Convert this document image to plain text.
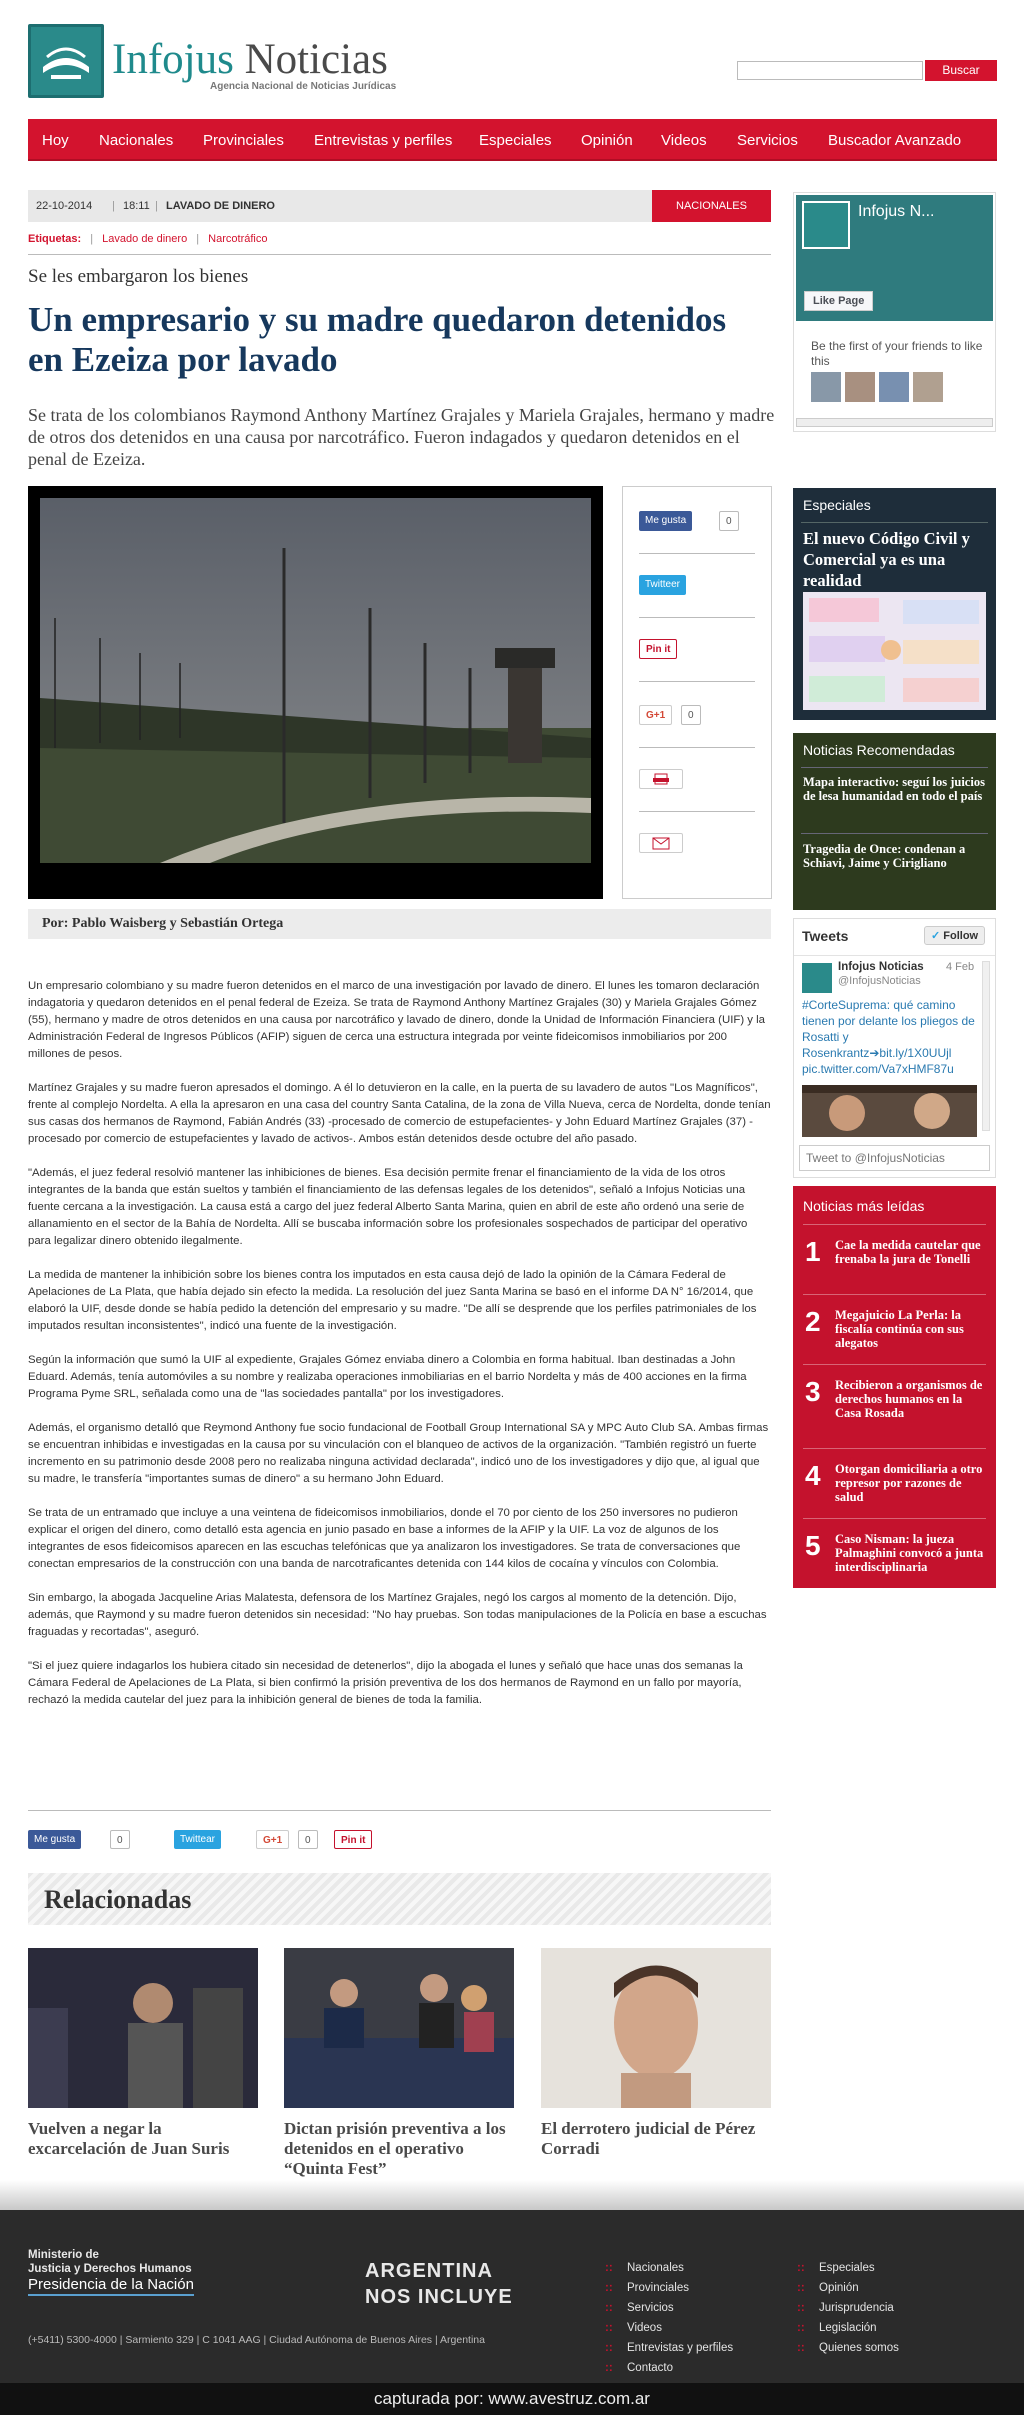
Infojus Noticias
Agencia Nacional de Noticias Jurídicas
Buscar
Hoy Nacionales Provinciales Entrevistas y perfiles Especiales Opinión Videos Servicios Buscador Avanzado
22-10-2014 | 18:11 | LAVADO DE DINERO	NACIONALES
Etiquetas: | Lavado de dinero | Narcotráfico
Se les embargaron los bienes
Un empresario y su madre quedaron detenidos en Ezeiza por lavado
Se trata de los colombianos Raymond Anthony Martínez Grajales y Mariela Grajales, hermano y madre de otros dos detenidos en una causa por narcotráfico. Fueron indagados y quedaron detenidos en el penal de Ezeiza.
Me gusta	0
Twitteer
Pin it
G+1	0
Por: Pablo Waisberg y Sebastián Ortega

Un empresario colombiano y su madre fueron detenidos en el marco de una investigación por lavado de dinero. El lunes les tomaron declaración indagatoria y quedaron detenidos en el penal federal de Ezeiza. Se trata de Raymond Anthony Martínez Grajales (30) y Mariela Grajales Gómez (55), hermano y madre de otros detenidos en una causa por narcotráfico y lavado de dinero, donde la Unidad de Información Financiera (UIF) y la Administración Federal de Ingresos Públicos (AFIP) siguen de cerca una estructura integrada por veinte fideicomisos inmobiliarios por 200 millones de pesos.

Martínez Grajales y su madre fueron apresados el domingo. A él lo detuvieron en la calle, en la puerta de su lavadero de autos "Los Magníficos", frente al complejo Nordelta. A ella la apresaron en una casa del country Santa Catalina, de la zona de Villa Nueva, cerca de Nordelta, donde tenían sus casas dos hermanos de Raymond, Fabián Andrés (33) -procesado de comercio de estupefacientes- y John Eduard Martínez Grajales (37) -procesado por comercio de estupefacientes y lavado de activos-. Ambos están detenidos desde octubre del año pasado.

"Además, el juez federal resolvió mantener las inhibiciones de bienes. Esa decisión permite frenar el financiamiento de la vida de los otros integrantes de la banda que están sueltos y también el financiamiento de las defensas legales de los detenidos", señaló a Infojus Noticias una fuente cercana a la investigación. La causa está a cargo del juez federal Alberto Santa Marina, quien en abril de este año ordenó una serie de allanamiento en el sector de la Bahía de Nordelta. Allí se buscaba información sobre los profesionales sospechados de participar del operativo para legalizar dinero obtenido ilegalmente.

La medida de mantener la inhibición sobre los bienes contra los imputados en esta causa dejó de lado la opinión de la Cámara Federal de Apelaciones de La Plata, que había dejado sin efecto la medida. La resolución del juez Santa Marina se basó en el informe DA N° 16/2014, que elaboró la UIF, desde donde se había pedido la detención del empresario y su madre. "De allí se desprende que los perfiles patrimoniales de los imputados resultan inconsistentes", indicó una fuente de la investigación.

Según la información que sumó la UIF al expediente, Grajales Gómez enviaba dinero a Colombia en forma habitual. Iban destinadas a John Eduard. Además, tenía automóviles a su nombre y realizaba operaciones inmobiliarias en el barrio Nordelta y más de 400 acciones en la firma Programa Pyme SRL, señalada como una de "las sociedades pantalla" por los investigadores.

Además, el organismo detalló que Reymond Anthony fue socio fundacional de Football Group International SA y MPC Auto Club SA. Ambas firmas se encuentran inhibidas e investigadas en la causa por su vinculación con el blanqueo de activos de la organización. "También registró un fuerte incremento en su patrimonio desde 2008 pero no realizaba ninguna actividad declarada", indicó uno de los investigadores y dijo que, al igual que su madre, le transfería "importantes sumas de dinero" a su hermano John Eduard.

Se trata de un entramado que incluye a una veintena de fideicomisos inmobiliarios, donde el 70 por ciento de los 250 inversores no pudieron explicar el origen del dinero, como detalló esta agencia en junio pasado en base a informes de la AFIP y la UIF. La voz de algunos de los integrantes de esos fideicomisos aparecen en las escuchas telefónicas que ya analizaron los investigadores. Se trata de conversaciones que conectan empresarios de la construcción con una banda de narcotraficantes detenida con 144 kilos de cocaína y vínculos con Colombia.

Sin embargo, la abogada Jacqueline Arias Malatesta, defensora de los Martínez Grajales, negó los cargos al momento de la detención. Dijo, además, que Raymond y su madre fueron detenidos sin necesidad: "No hay pruebas. Son todas manipulaciones de la Policía en base a escuchas fraguadas y recortadas", aseguró.

"Si el juez quiere indagarlos los hubiera citado sin necesidad de detenerlos", dijo la abogada el lunes y señaló que hace unas dos semanas la Cámara Federal de Apelaciones de La Plata, si bien confirmó la prisión preventiva de los dos hermanos de Raymond en un fallo por mayoría, rechazó la medida cautelar del juez para la inhibición general de bienes de toda la familia.

Me gusta	0	Twittear	G+1	0	Pin it
Relacionadas
Vuelven a negar la excarcelación de Juan Suris
Dictan prisión preventiva a los detenidos en el operativo “Quinta Fest”
El derrotero judicial de Pérez Corradi
Infojus N...
Like Page
Be the first of your friends to like this
Especiales
El nuevo Código Civil y Comercial ya es una realidad
Noticias Recomendadas
Mapa interactivo: seguí los juicios de lesa humanidad en todo el país
Tragedia de Once: condenan a Schiavi, Jaime y Cirigliano
Tweets	✓ Follow
Infojus Noticias
@InfojusNoticias
4 Feb
#CorteSuprema: qué camino tienen por delante los pliegos de Rosatti y Rosenkrantz➔bit.ly/1X0UUjl pic.twitter.com/Va7xHMF87u
Tweet to @InfojusNoticias
Noticias más leídas
1 Cae la medida cautelar que frenaba la jura de Tonelli
2 Megajuicio La Perla: la fiscalía continúa con sus alegatos
3 Recibieron a organismos de derechos humanos en la Casa Rosada
4 Otorgan domiciliaria a otro represor por razones de salud
5 Caso Nisman: la jueza Palmaghini convocó a junta interdisciplinaria
Ministerio de
Justicia y Derechos Humanos
Presidencia de la Nación
ARGENTINA
NOS INCLUYE
(+5411) 5300-4000 | Sarmiento 329 | C 1041 AAG | Ciudad Autónoma de Buenos Aires | Argentina
:: Nacionales
:: Provinciales
:: Servicios
:: Videos
:: Entrevistas y perfiles
:: Contacto
:: Especiales
:: Opinión
:: Jurisprudencia
:: Legislación
:: Quienes somos
capturada por: www.avestruz.com.ar
